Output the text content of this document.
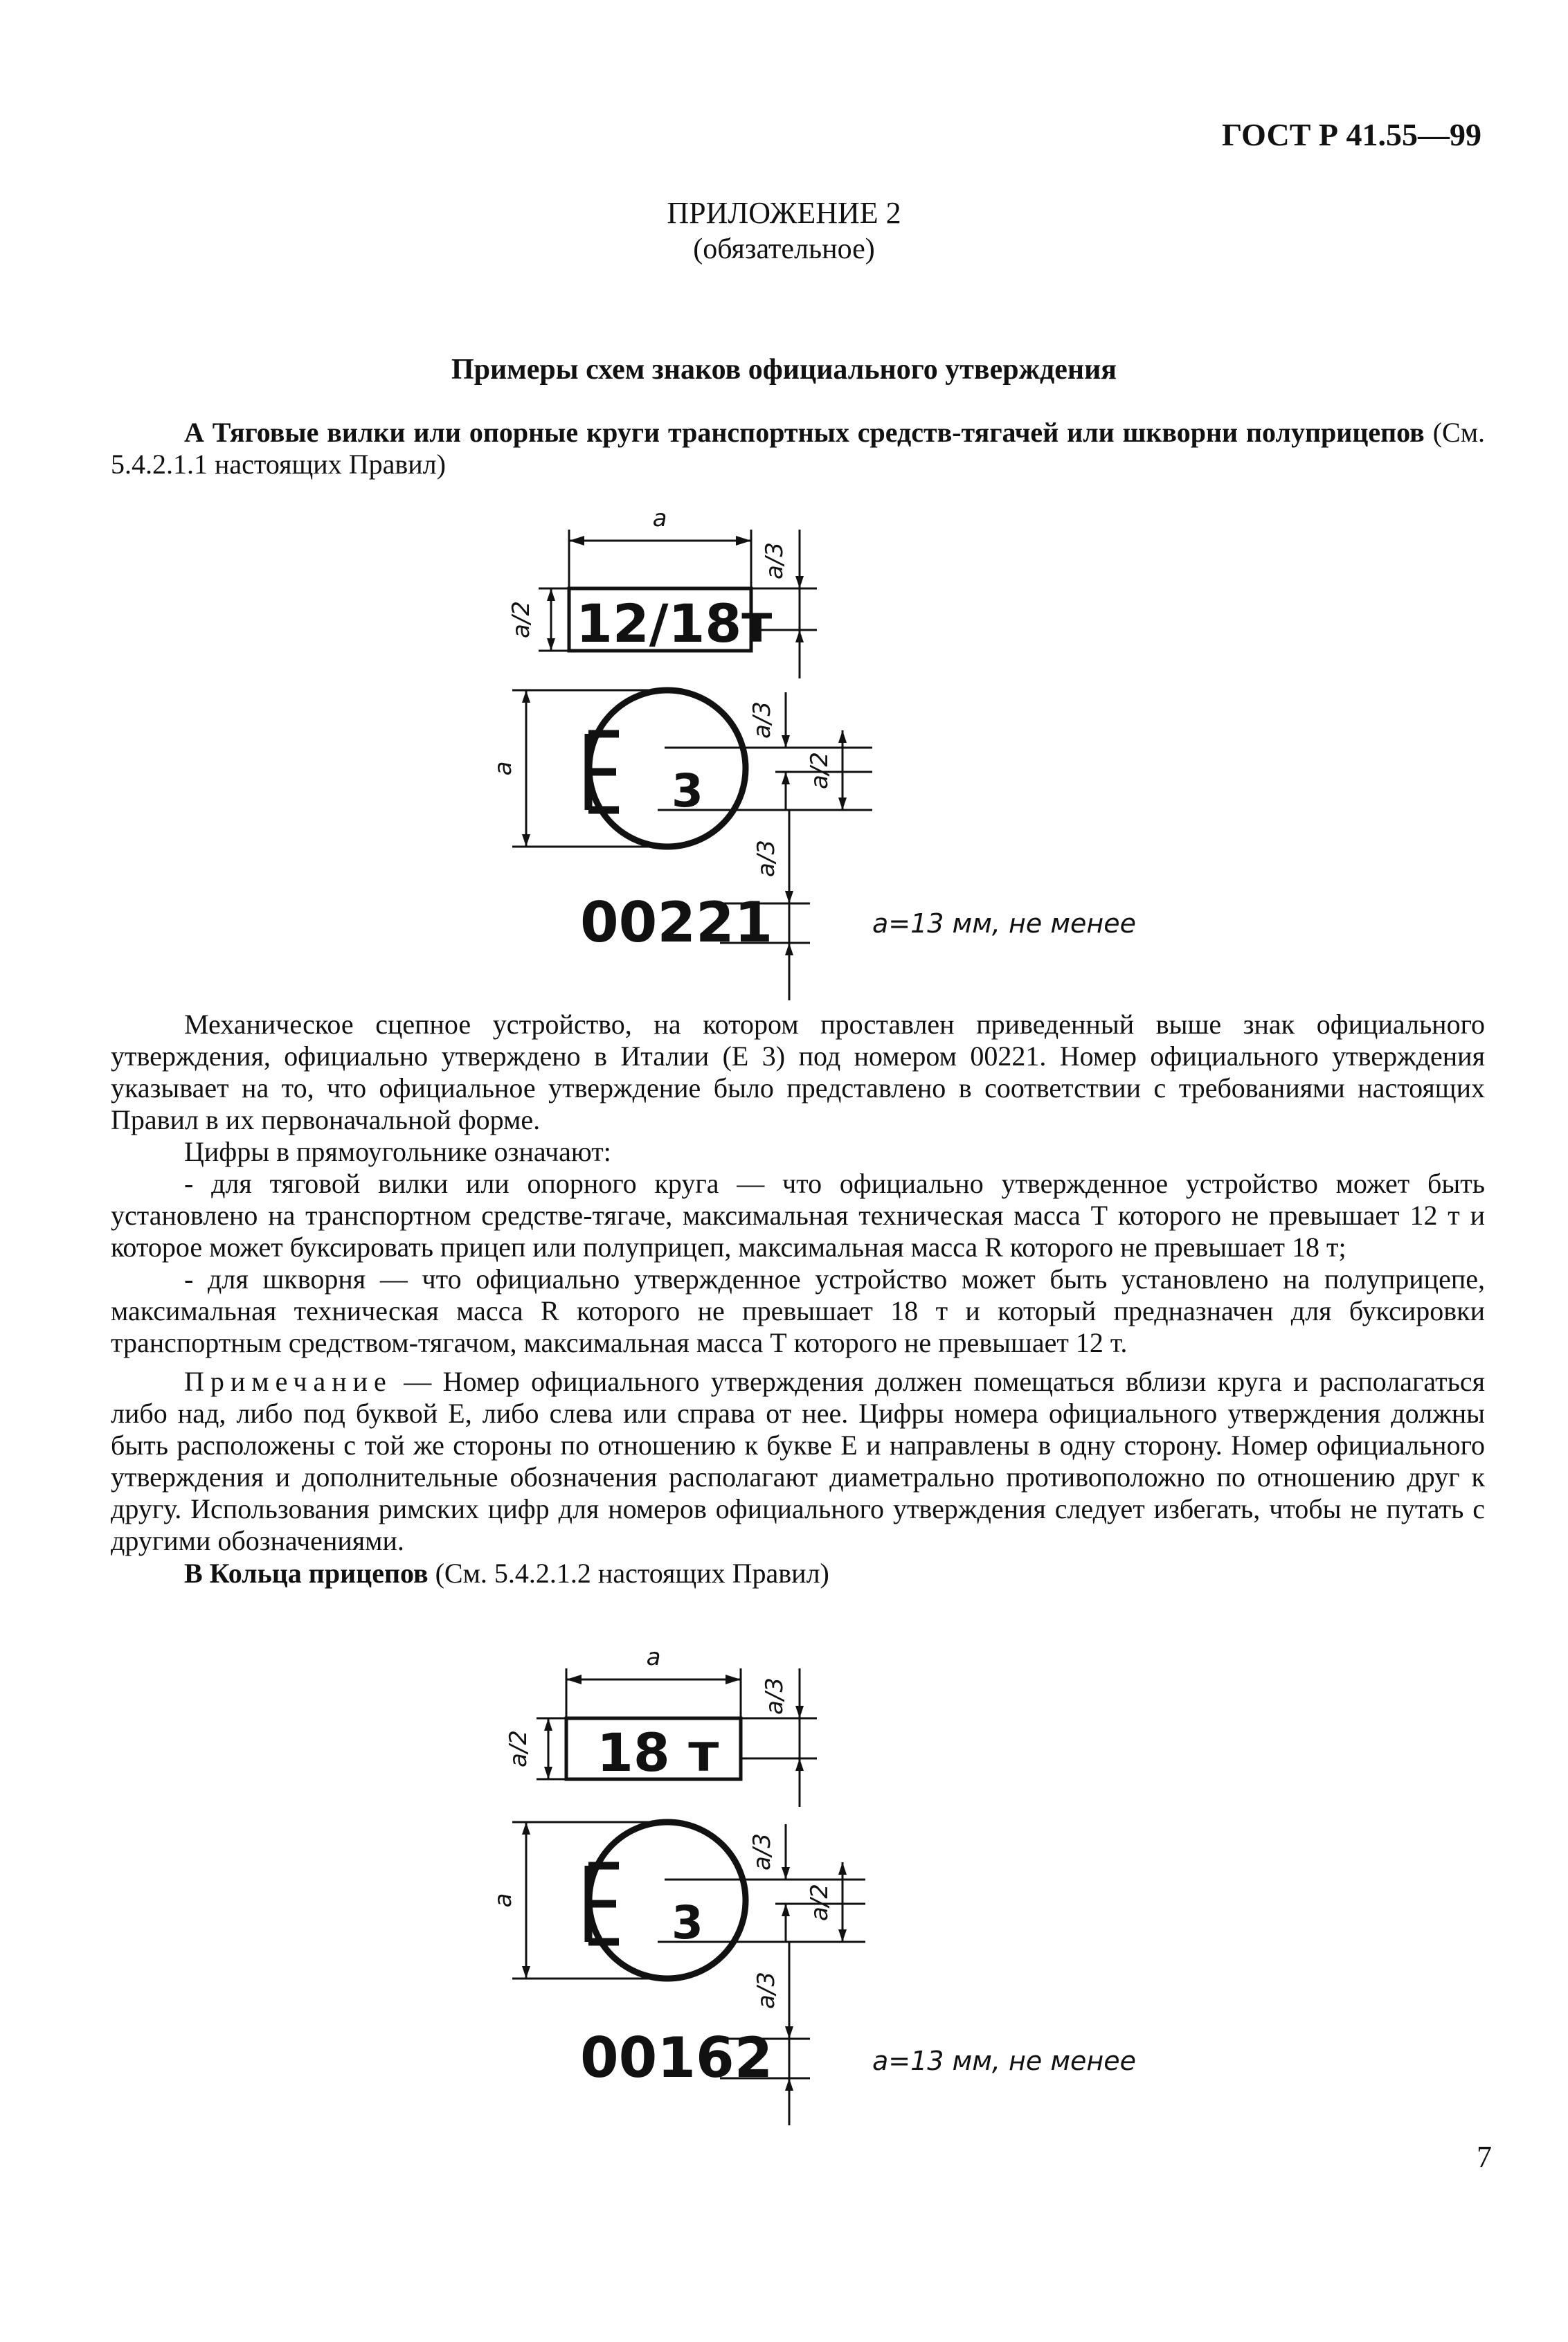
ГОСТ Р 41.55—99
ПРИЛОЖЕНИЕ 2
(обязательное)
Примеры схем знаков официального утверждения
А Тяговые вилки или опорные круги транспортных средств-тягачей или шкворни полуприцепов (См. 5.4.2.1.1 настоящих Правил)
a
a/2
a/3
12/18т
a	3
a/3
a/2
a/3
00221	a=13 мм, не менее
Механическое сцепное устройство, на котором проставлен приведенный выше знак официального утверждения, официально утверждено в Италии (Е 3) под номером 00221. Номер официального утверждения указывает на то, что официальное утверждение было представлено в соответствии с требованиями настоящих Правил в их первоначальной форме.
Цифры в прямоугольнике означают:
- для тяговой вилки или опорного круга — что официально утвержденное устройство может быть установлено на транспортном средстве-тягаче, максимальная техническая масса Т которого не превышает 12 т и которое может буксировать прицеп или полуприцеп, максимальная масса R которого не превышает 18 т;
- для шкворня — что официально утвержденное устройство может быть установлено на полуприцепе, максимальная техническая масса R которого не превышает 18 т и который предназначен для буксировки транспортным средством-тягачом, максимальная масса Т которого не превышает 12 т.
Примечание — Номер официального утверждения должен помещаться вблизи круга и располагаться либо над, либо под буквой Е, либо слева или справа от нее. Цифры номера официального утверждения должны быть расположены с той же стороны по отношению к букве Е и направлены в одну сторону. Номер официального утверждения и дополнительные обозначения располагают диаметрально противоположно по отношению друг к другу. Использования римских цифр для номеров официального утверждения следует избегать, чтобы не путать с другими обозначениями.
В Кольца прицепов (См. 5.4.2.1.2 настоящих Правил)
a
a/2
a/3
18 т
a	3
a/3
a/2
a/3
00162	a=13 мм, не менее
7
